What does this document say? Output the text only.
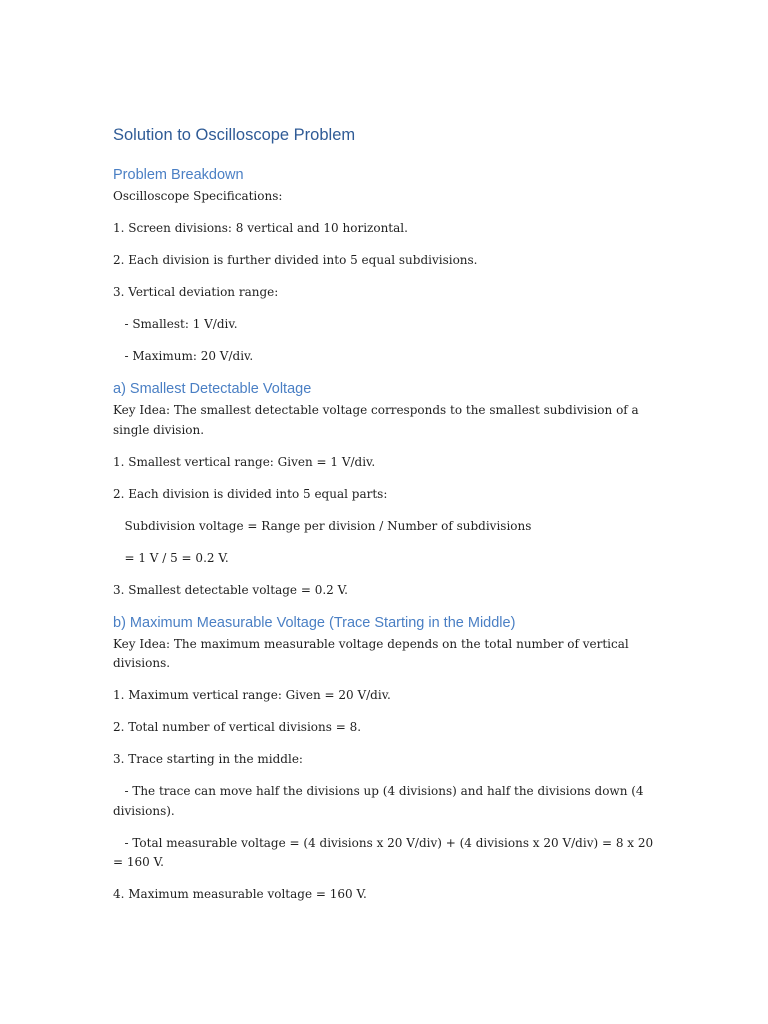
Solution to Oscilloscope Problem
Problem Breakdown

Oscilloscope Specifications:

1. Screen divisions: 8 vertical and 10 horizontal.

2. Each division is further divided into 5 equal subdivisions.

3. Vertical deviation range:

- Smallest: 1 V/div.

- Maximum: 20 V/div.

a) Smallest Detectable Voltage

Key Idea: The smallest detectable voltage corresponds to the smallest subdivision of a single division.

1. Smallest vertical range: Given = 1 V/div.

2. Each division is divided into 5 equal parts:

Subdivision voltage = Range per division / Number of subdivisions

= 1 V / 5 = 0.2 V.

3. Smallest detectable voltage = 0.2 V.

b) Maximum Measurable Voltage (Trace Starting in the Middle)

Key Idea: The maximum measurable voltage depends on the total number of vertical divisions.

1. Maximum vertical range: Given = 20 V/div.

2. Total number of vertical divisions = 8.

3. Trace starting in the middle:

- The trace can move half the divisions up (4 divisions) and half the divisions down (4 divisions).

- Total measurable voltage = (4 divisions x 20 V/div) + (4 divisions x 20 V/div) = 8 x 20 = 160 V.

4. Maximum measurable voltage = 160 V.
